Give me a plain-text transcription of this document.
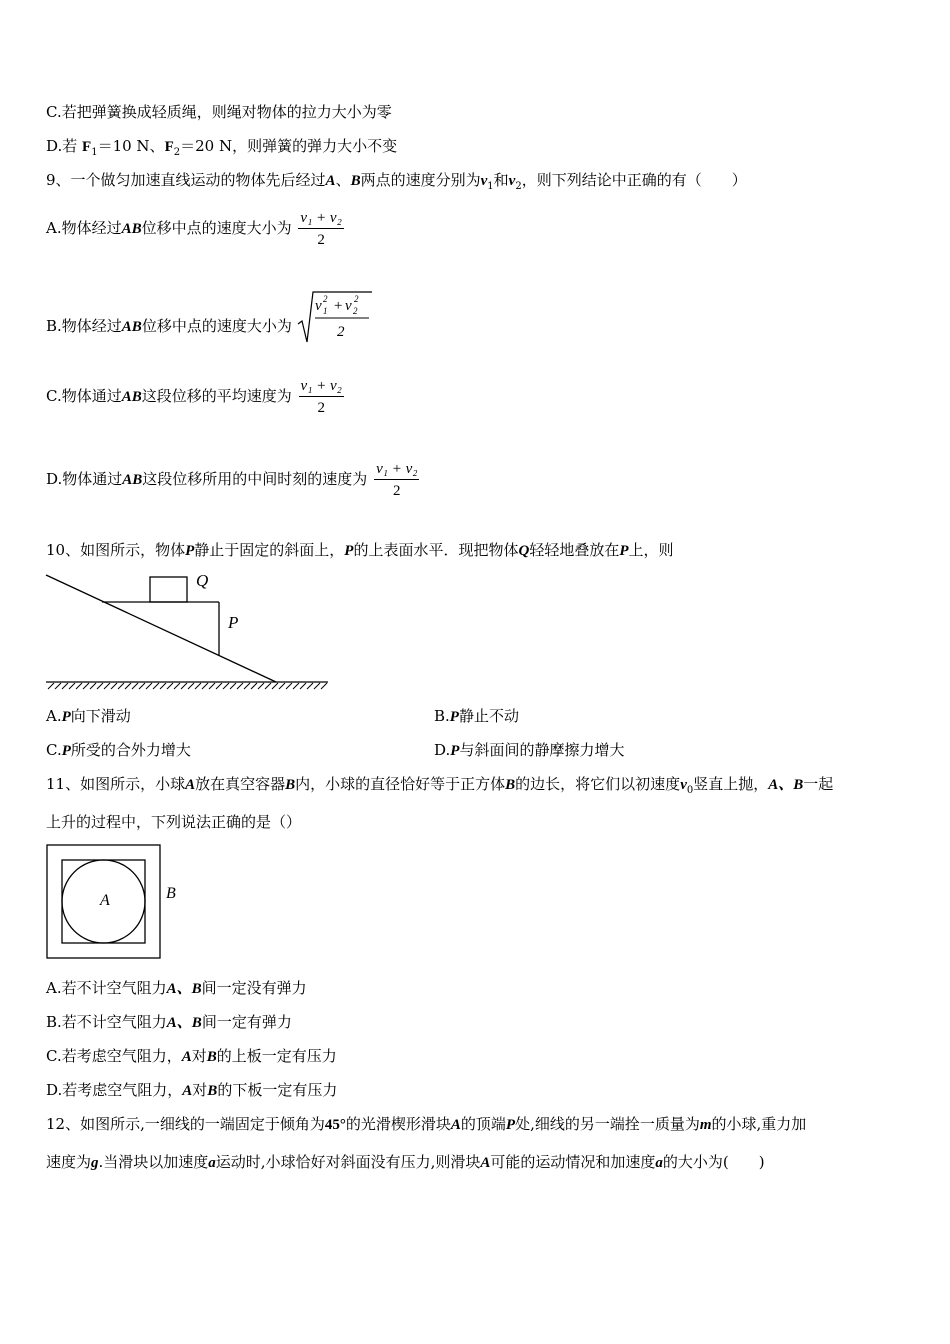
C.若把弹簧换成轻质绳，则绳对物体的拉力大小为零
D.若 $F_1=10$ N、$F_2=20$ N，则弹簧的弹力大小不变
9、一个做匀加速直线运动的物体先后经过A、B两点的速度分别为$v_1$和$v_2$，则下列结论中正确的有（　　）
A.物体经过AB位移中点的速度大小为 $\frac{\text{v₁ + v₂}}{2}$
B.物体经过AB位移中点的速度大小为
v 1
2 + v 2
2
2
C.物体通过AB这段位移的平均速度为 $\frac{\text{v₁ + v₂}}{2}$
D.物体通过AB这段位移所用的中间时刻的速度为 $\frac{\text{v₁ + v₂}}{2}$
10、如图所示，物体P静止于固定的斜面上，P的上表面水平．现把物体Q轻轻地叠放在P上，则
Q
P
A.P向下滑动	B.P静止不动
C.P所受的合外力增大	D.P与斜面间的静摩擦力增大
11、如图所示，小球A放在真空容器B内，小球的直径恰好等于正方体B的边长，将它们以初速度$v_0$竖直上抛，A、B一起
上升的过程中，下列说法正确的是（）
A	B
A.若不计空气阻力A、B间一定没有弹力
B.若不计空气阻力A、B间一定有弹力
C.若考虑空气阻力，A对B的上板一定有压力
D.若考虑空气阻力，A对B的下板一定有压力
12、如图所示,一细线的一端固定于倾角为45°的光滑楔形滑块A的顶端P处,细线的另一端拴一质量为m的小球,重力加
速度为g.当滑块以加速度a运动时,小球恰好对斜面没有压力,则滑块A可能的运动情况和加速度a的大小为(　　)
